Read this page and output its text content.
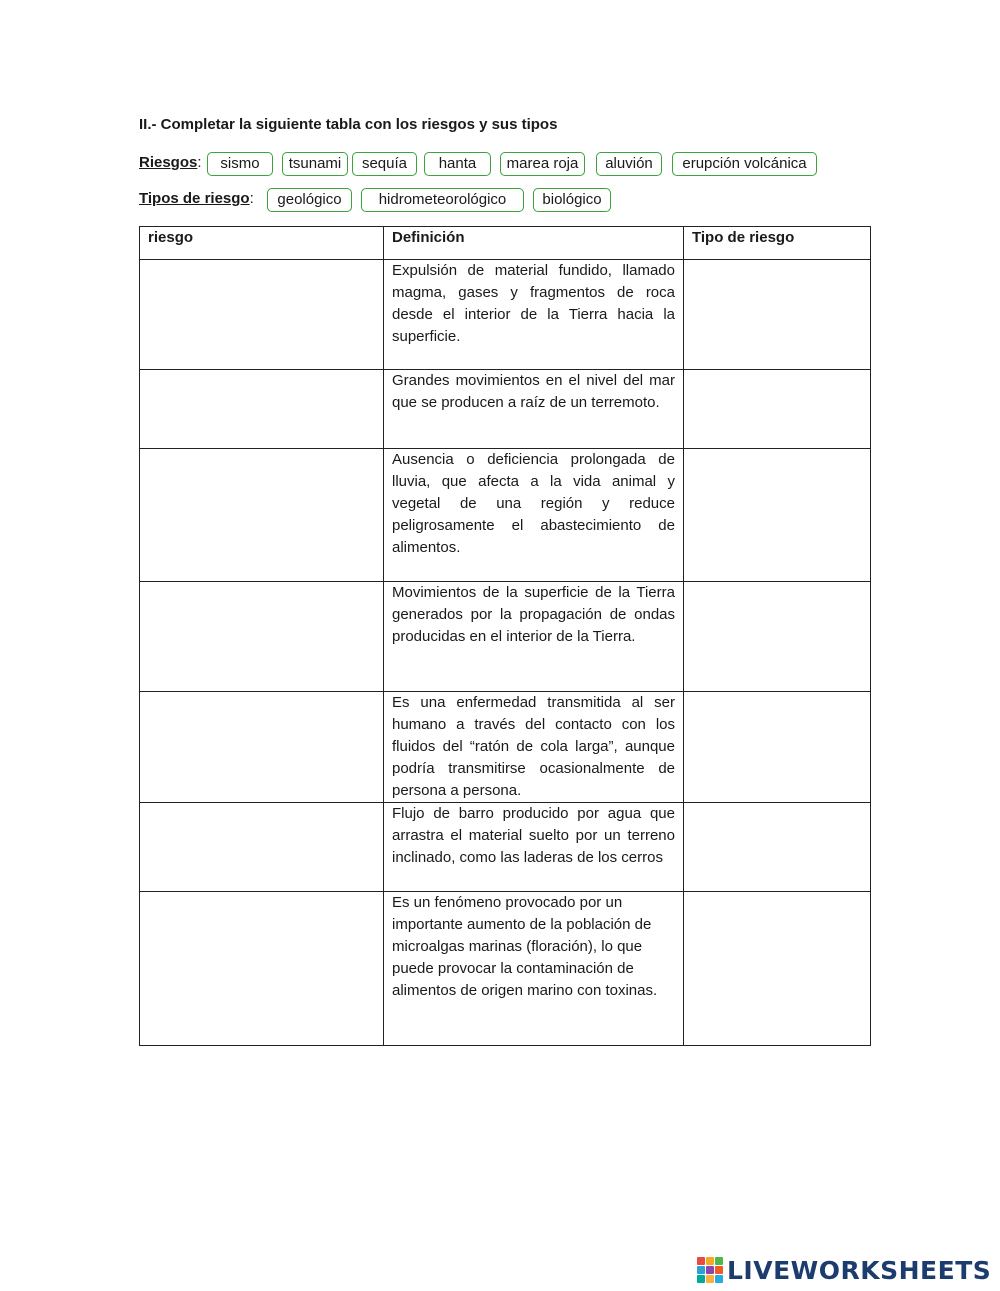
II.- Completar la siguiente tabla con los riesgos y sus tipos
Riesgos:	sismo	tsunami	sequía	hanta	marea roja	aluvión	erupción volcánica
Tipos de riesgo:	geológico	hidrometeorológico	biológico
riesgo	Definición	Tipo de riesgo
	Expulsión de material fundido, llamado magma, gases y fragmentos de roca desde el interior de la Tierra hacia la superficie.	
	Grandes movimientos en el nivel del mar que se producen a raíz de un terremoto.	
	Ausencia o deficiencia prolongada de lluvia, que afecta a la vida animal y vegetal de una región y reduce peligrosamente el abastecimiento de alimentos.	
	Movimientos de la superficie de la Tierra generados por la propagación de ondas producidas en el interior de la Tierra.	
	Es una enfermedad transmitida al ser humano a través del contacto con los fluidos del “ratón de cola larga”, aunque podría transmitirse ocasionalmente de persona a persona.	
	Flujo de barro producido por agua que arrastra el material suelto por un terreno inclinado, como las laderas de los cerros	
	Es un fenómeno provocado por un importante aumento de la población de microalgas marinas (floración), lo que puede provocar la contaminación de alimentos de origen marino con toxinas.	
LIVEWORKSHEETS
